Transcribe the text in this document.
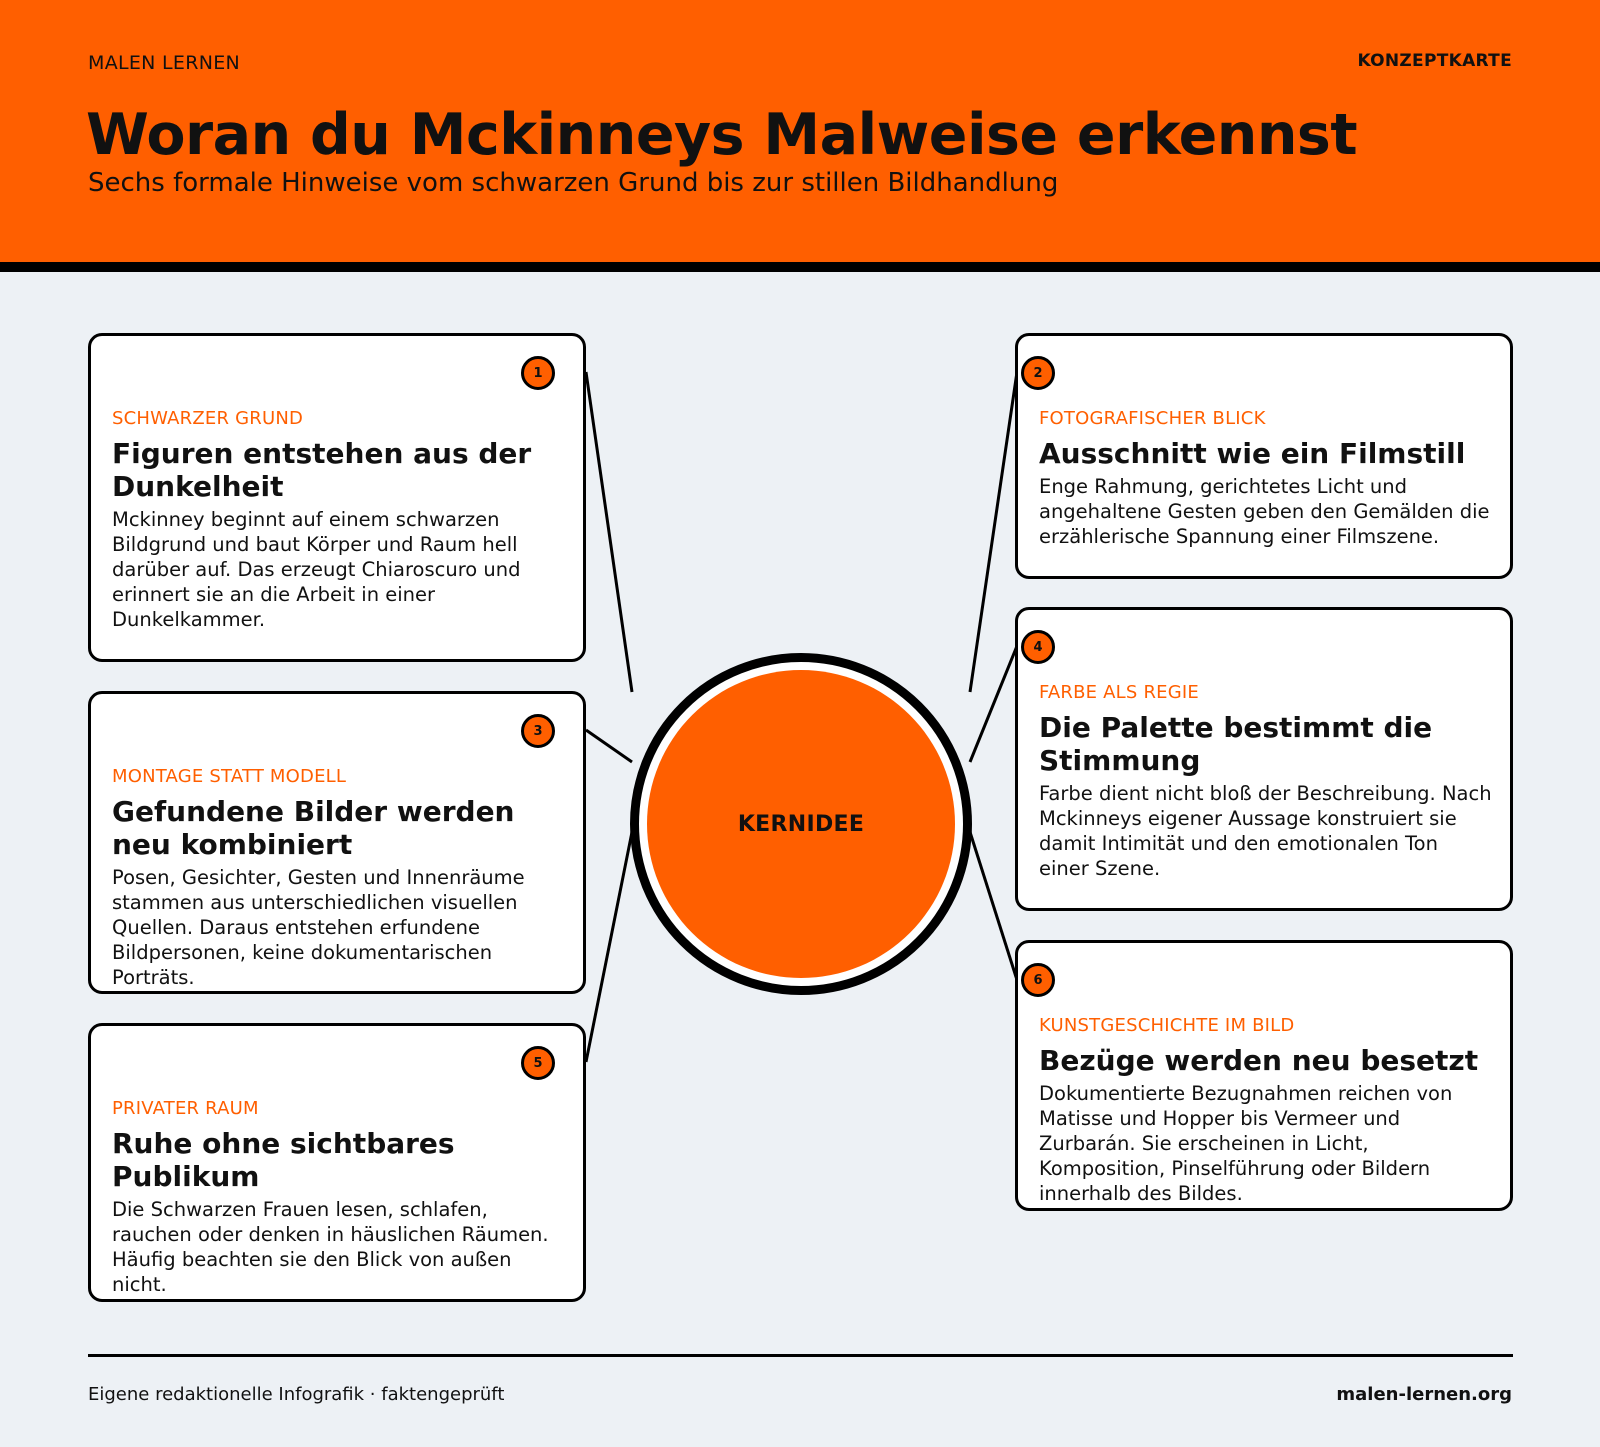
MALEN LERNEN	KONZEPTKARTE
Woran du Mckinneys Malweise erkennst
Sechs formale Hinweise vom schwarzen Grund bis zur stillen Bildhandlung
1
SCHWARZER GRUND
Figuren entstehen aus der Dunkelheit
Mckinney beginnt auf einem schwarzen Bildgrund und baut Körper und Raum hell darüber auf. Das erzeugt Chiaroscuro und erinnert sie an die Arbeit in einer Dunkelkammer.
2
FOTOGRAFISCHER BLICK
Ausschnitt wie ein Filmstill
Enge Rahmung, gerichtetes Licht und angehaltene Gesten geben den Gemälden die erzählerische Spannung einer Filmszene.
3
MONTAGE STATT MODELL
Gefundene Bilder werden neu kombiniert
Posen, Gesichter, Gesten und Innenräume stammen aus unterschiedlichen visuellen Quellen. Daraus entstehen erfundene Bildpersonen, keine dokumentarischen Porträts.
4
FARBE ALS REGIE
Die Palette bestimmt die Stimmung
Farbe dient nicht bloß der Beschreibung. Nach Mckinneys eigener Aussage konstruiert sie damit Intimität und den emotionalen Ton einer Szene.
5
PRIVATER RAUM
Ruhe ohne sichtbares Publikum
Die Schwarzen Frauen lesen, schlafen, rauchen oder denken in häuslichen Räumen. Häufig beachten sie den Blick von außen nicht.
6
KUNSTGESCHICHTE IM BILD
Bezüge werden neu besetzt
Dokumentierte Bezugnahmen reichen von Matisse und Hopper bis Vermeer und Zurbarán. Sie erscheinen in Licht, Komposition, Pinselführung oder Bildern innerhalb des Bildes.
KERNIDEE
Eigene redaktionelle Infografik · faktengeprüft	malen-lernen.org
